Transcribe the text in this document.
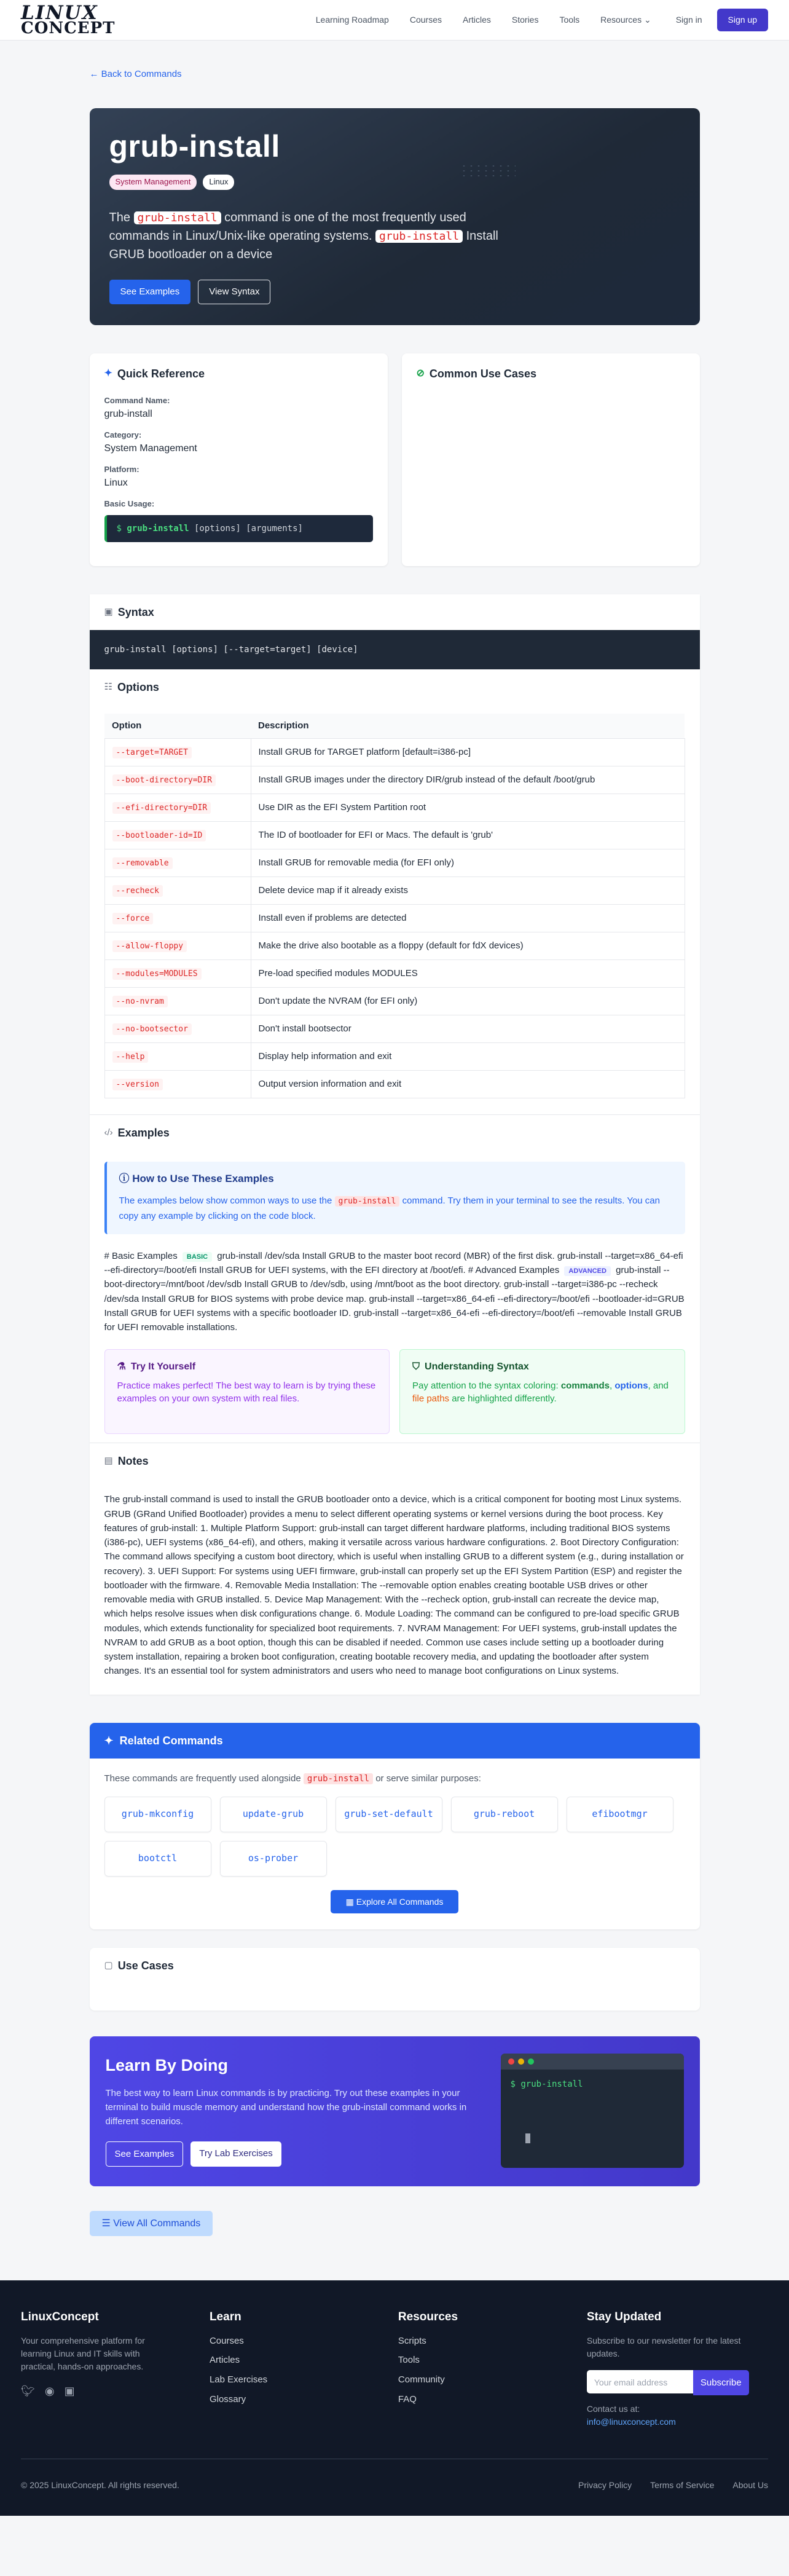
LINUX
CONCEPT	Learning Roadmap Courses Articles Stories Tools Resources ⌄	Sign in	Sign up
← Back to Commands
grub-install
System Management	Linux

The grub-install command is one of the most frequently used commands in Linux/Unix-like operating systems. grub-install Install GRUB bootloader on a device

See Examples	View Syntax
✦ Quick Reference
Command Name:
grub-install
Category:
System Management
Platform:
Linux
Basic Usage:
$ grub-install [options] [arguments]
⊘ Common Use Cases
▣ Syntax
grub-install [options] [--target=target] [device]
☷ Options
Option	Description
--target=TARGET	Install GRUB for TARGET platform [default=i386-pc]
--boot-directory=DIR	Install GRUB images under the directory DIR/grub instead of the default /boot/grub
--efi-directory=DIR	Use DIR as the EFI System Partition root
--bootloader-id=ID	The ID of bootloader for EFI or Macs. The default is 'grub'
--removable	Install GRUB for removable media (for EFI only)
--recheck	Delete device map if it already exists
--force	Install even if problems are detected
--allow-floppy	Make the drive also bootable as a floppy (default for fdX devices)
--modules=MODULES	Pre-load specified modules MODULES
--no-nvram	Don't update the NVRAM (for EFI only)
--no-bootsector	Don't install bootsector
--help	Display help information and exit
--version	Output version information and exit
‹/› Examples
ⓘ How to Use These Examples

The examples below show common ways to use the grub-install command. Try them in your terminal to see the results. You can copy any example by clicking on the code block.

# Basic Examples BASIC grub-install /dev/sda Install GRUB to the master boot record (MBR) of the first disk. grub-install --target=x86_64-efi --efi-directory=/boot/efi Install GRUB for UEFI systems, with the EFI directory at /boot/efi. # Advanced Examples ADVANCED grub-install --boot-directory=/mnt/boot /dev/sdb Install GRUB to /dev/sdb, using /mnt/boot as the boot directory. grub-install --target=i386-pc --recheck /dev/sda Install GRUB for BIOS systems with probe device map. grub-install --target=x86_64-efi --efi-directory=/boot/efi --bootloader-id=GRUB Install GRUB for UEFI systems with a specific bootloader ID. grub-install --target=x86_64-efi --efi-directory=/boot/efi --removable Install GRUB for UEFI removable installations.
⚗ Try It Yourself

Practice makes perfect! The best way to learn is by trying these examples on your own system with real files.

⛉ Understanding Syntax

Pay attention to the syntax coloring: commands, options, and file paths are highlighted differently.

▤ Notes
The grub-install command is used to install the GRUB bootloader onto a device, which is a critical component for booting most Linux systems. GRUB (GRand Unified Bootloader) provides a menu to select different operating systems or kernel versions during the boot process. Key features of grub-install: 1. Multiple Platform Support: grub-install can target different hardware platforms, including traditional BIOS systems (i386-pc), UEFI systems (x86_64-efi), and others, making it versatile across various hardware configurations. 2. Boot Directory Configuration: The command allows specifying a custom boot directory, which is useful when installing GRUB to a different system (e.g., during installation or recovery). 3. UEFI Support: For systems using UEFI firmware, grub-install can properly set up the EFI System Partition (ESP) and register the bootloader with the firmware. 4. Removable Media Installation: The --removable option enables creating bootable USB drives or other removable media with GRUB installed. 5. Device Map Management: With the --recheck option, grub-install can recreate the device map, which helps resolve issues when disk configurations change. 6. Module Loading: The command can be configured to pre-load specific GRUB modules, which extends functionality for specialized boot requirements. 7. NVRAM Management: For UEFI systems, grub-install updates the NVRAM to add GRUB as a boot option, though this can be disabled if needed. Common use cases include setting up a bootloader during system installation, repairing a broken boot configuration, creating bootable recovery media, and updating the bootloader after system changes. It's an essential tool for system administrators and users who need to manage boot configurations on Linux systems.
✦ Related Commands

These commands are frequently used alongside grub-install or serve similar purposes:

grub-mkconfig	update-grub	grub-set-default	grub-reboot	efibootmgr
bootctl	os-prober
▦ Explore All Commands
▢ Use Cases
Learn By Doing

The best way to learn Linux commands is by practicing. Try out these examples in your terminal to build muscle memory and understand how the grub-install command works in different scenarios.

See Examples	Try Lab Exercises
$ grub-install
☰ View All Commands
LinuxConcept
Your comprehensive platform for learning Linux and IT skills with practical, hands-on approaches.
🐦︎ ◉ ▣
Learn
Courses
Articles
Lab Exercises
Glossary
Resources
Scripts
Tools
Community
FAQ
Stay Updated
Subscribe to our newsletter for the latest updates.
Your email address	Subscribe
Contact us at:
info@linuxconcept.com
© 2025 LinuxConcept. All rights reserved.	Privacy Policy Terms of Service About Us
